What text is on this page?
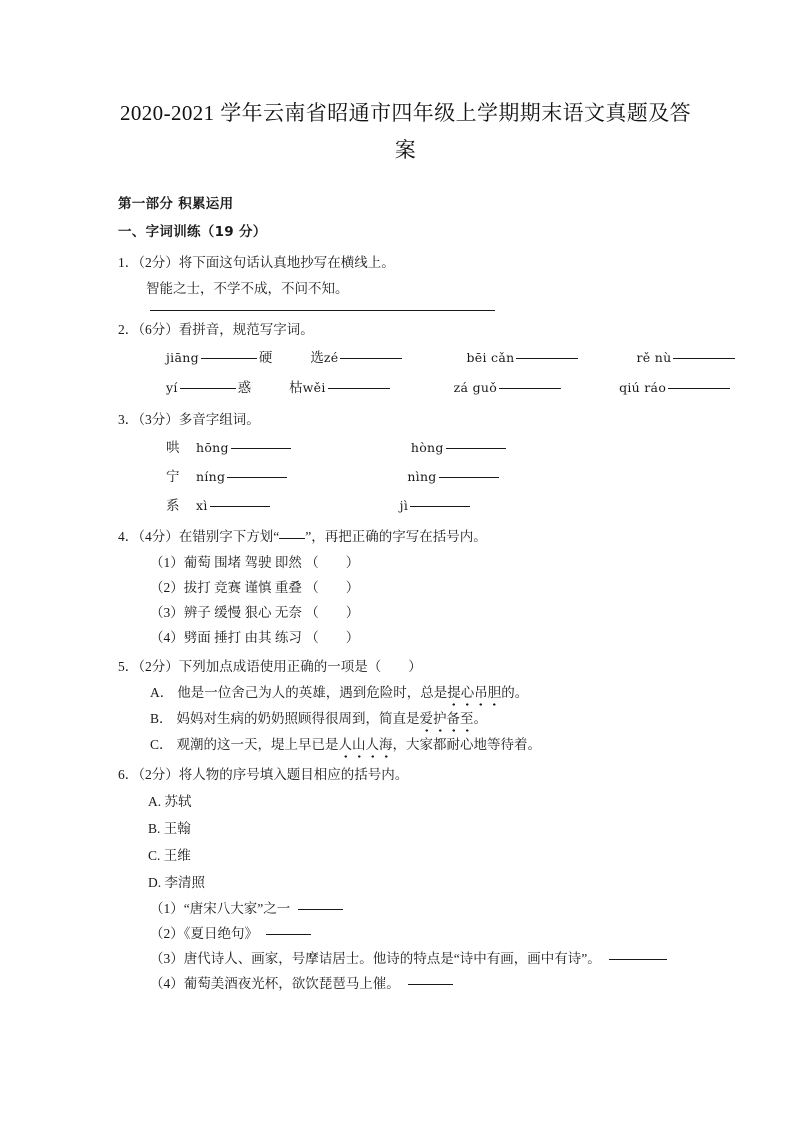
2020-2021 学年云南省昭通市四年级上学期期末语文真题及答案
第一部分 积累运用
一、字词训练（19 分）

1．（2分）将下面这句话认真地抄写在横线上。

智能之士，不学不成，不问不知。

2．（6分）看拼音，规范写字词。

jiāng	硬	选 zé	bēi cǎn	rě nù
yí	惑	枯 wěi	zá guǒ	qiú ráo

3．（3分）多音字组词。

哄	hōng	hòng
宁	níng	nìng
系	xì	jì

4．（4分）在错别字下方划“ ”，再把正确的字写在括号内。

（1）葡萄 围堵 驾驶 即然 （　　）

（2）拔打 竞赛 谨慎 重叠 （　　）

（3）辨子 缓慢 狠心 无奈 （　　）

（4）劈面 捶打 由其 练习 （　　）

5．（2分）下列加点成语使用正确的一项是（　　）

A． 他是一位舍己为人的英雄，遇到危险时，总是提心吊胆的。

B． 妈妈对生病的奶奶照顾得很周到，简直是爱护备至。

C． 观潮的这一天，堤上早已是人山人海，大家都耐心地等待着。

6．（2分）将人物的序号填入题目相应的括号内。

A. 苏轼

B. 王翰

C. 王维

D. 李清照

（1）“唐宋八大家”之一

（2）《夏日绝句》

（3）唐代诗人、画家，号摩诘居士。他诗的特点是“诗中有画，画中有诗”。

（4）葡萄美酒夜光杯，欲饮琵琶马上催。
